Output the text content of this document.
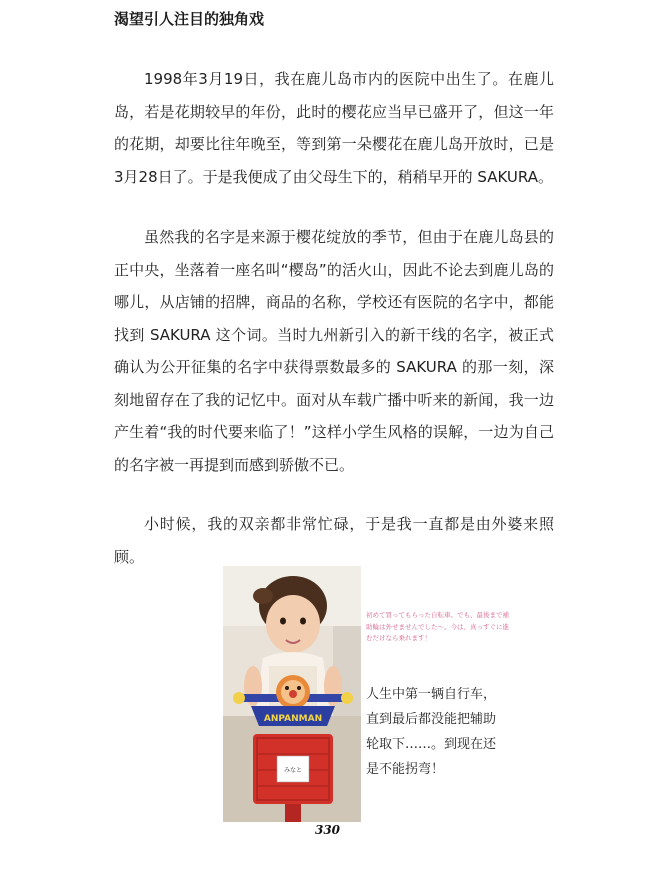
渴望引人注目的独角戏

1998年3月19日，我在鹿儿岛市内的医院中出生了。在鹿儿岛，若是花期较早的年份，此时的樱花应当早已盛开了，但这一年的花期，却要比往年晚至，等到第一朵樱花在鹿儿岛开放时，已是3月28日了。于是我便成了由父母生下的，稍稍早开的 SAKURA。

虽然我的名字是来源于樱花绽放的季节，但由于在鹿儿岛县的正中央，坐落着一座名叫“樱岛”的活火山，因此不论去到鹿儿岛的哪儿，从店铺的招牌，商品的名称，学校还有医院的名字中，都能找到 SAKURA 这个词。当时九州新引入的新干线的名字，被正式确认为公开征集的名字中获得票数最多的 SAKURA 的那一刻，深刻地留存在了我的记忆中。面对从车载广播中听来的新闻，我一边产生着“我的时代要来临了！”这样小学生风格的误解，一边为自己的名字被一再提到而感到骄傲不已。

小时候，我的双亲都非常忙碌，于是我一直都是由外婆来照顾。

ANPANMAN
みなと

初めて買ってもらった自転車。でも、最後まで補助輪は外せませんでした～。今は、真っすぐに進むだけなら乗れます！

人生中第一辆自行车，直到最后都没能把辅助轮取下……。到现在还是不能拐弯！

330
